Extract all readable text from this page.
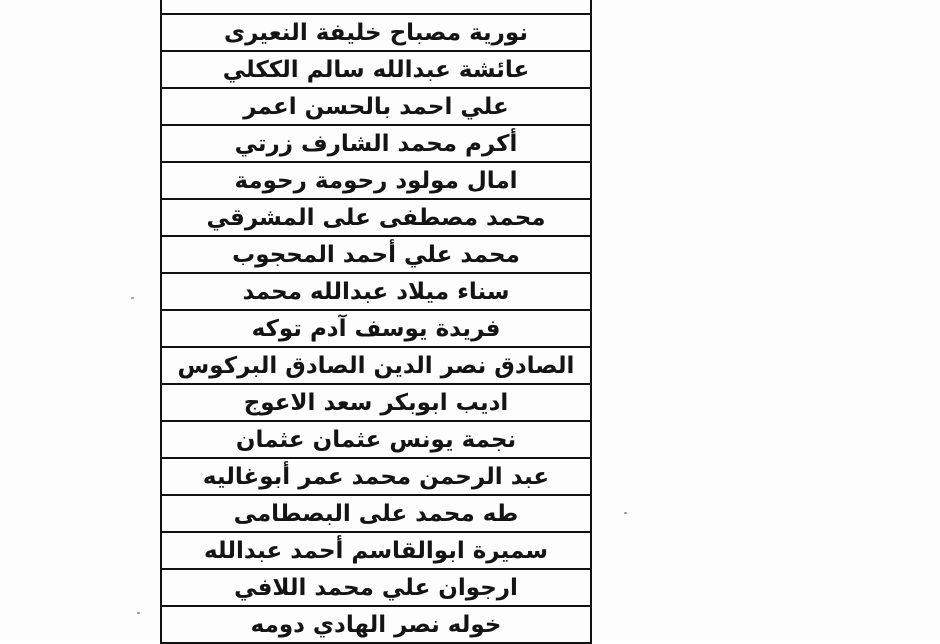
نورية مصباح خليفة النعيرى
عائشة عبدالله سالم الككلي
علي احمد بالحسن اعمر
أكرم محمد الشارف زرتي
امال مولود رحومة رحومة
محمد مصطفى على المشرقي
محمد علي أحمد المحجوب
سناء ميلاد عبدالله محمد
فريدة يوسف آدم توكه
الصادق نصر الدين الصادق البركوس
اديب ابوبكر سعد الاعوج
نجمة يونس عثمان عثمان
عبد الرحمن محمد عمر أبوغاليه
طه محمد على البصطامى
سميرة ابوالقاسم أحمد عبدالله
ارجوان علي محمد اللافي
خوله نصر الهادي دومه
